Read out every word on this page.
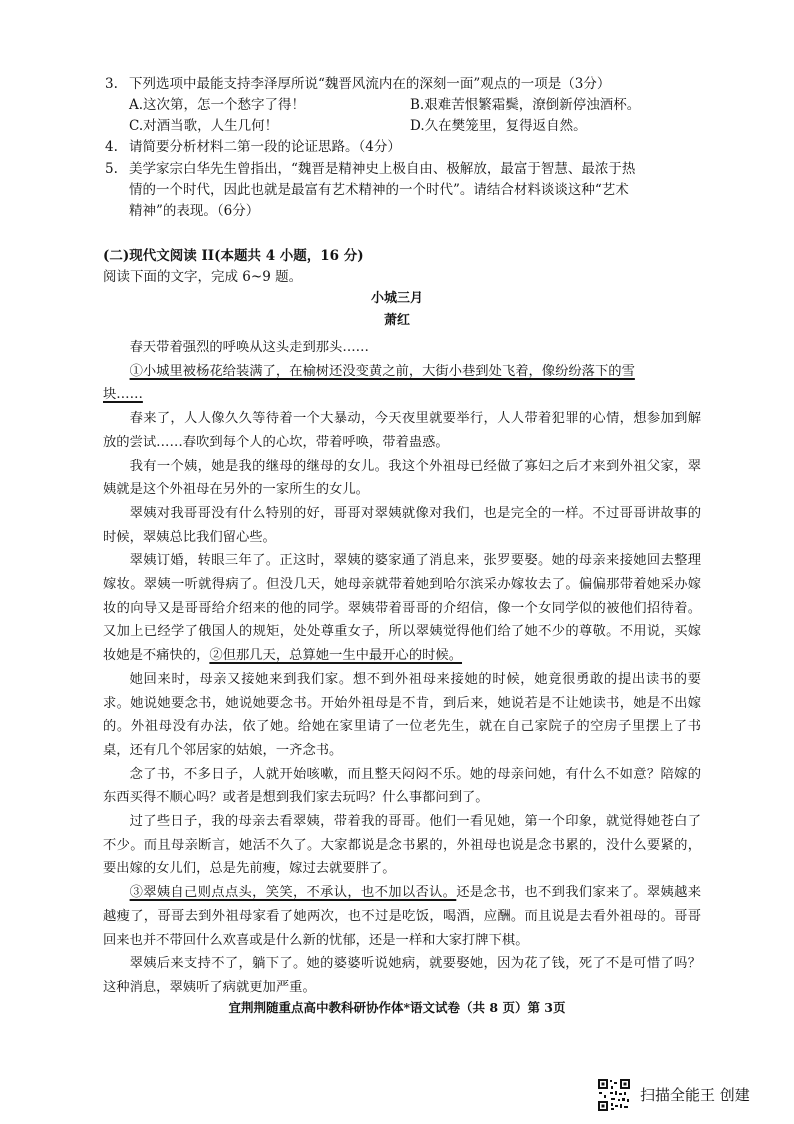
3. 下列选项中最能支持李泽厚所说“魏晋风流内在的深刻一面”观点的一项是（3分）
A.这次第，怎一个愁字了得！	B.艰难苦恨繁霜鬓，潦倒新停浊酒杯。
C.对酒当歌，人生几何！	D.久在樊笼里，复得返自然。
4. 请简要分析材料二第一段的论证思路。（4分）
5. 美学家宗白华先生曾指出，“魏晋是精神史上极自由、极解放，最富于智慧、最浓于热
情的一个时代，因此也就是最富有艺术精神的一个时代”。请结合材料谈谈这种“艺术
精神”的表现。（6分）
(二)现代文阅读 II(本题共 4 小题，16 分)
阅读下面的文字，完成 6~9 题。
小城三月
萧红

春天带着强烈的呼唤从这头走到那头……

①小城里被杨花给装满了，在榆树还没变黄之前，大街小巷到处飞着，像纷纷落下的雪

块……

春来了，人人像久久等待着一个大暴动，今天夜里就要举行，人人带着犯罪的心情，想参加到解放的尝试……春吹到每个人的心坎，带着呼唤，带着蛊惑。

我有一个姨，她是我的继母的继母的女儿。我这个外祖母已经做了寡妇之后才来到外祖父家，翠姨就是这个外祖母在另外的一家所生的女儿。

翠姨对我哥哥没有什么特别的好，哥哥对翠姨就像对我们，也是完全的一样。不过哥哥讲故事的时候，翠姨总比我们留心些。

翠姨订婚，转眼三年了。正这时，翠姨的婆家通了消息来，张罗要娶。她的母亲来接她回去整理嫁妆。翠姨一听就得病了。但没几天，她母亲就带着她到哈尔滨采办嫁妆去了。偏偏那带着她采办嫁妆的向导又是哥哥给介绍来的他的同学。翠姨带着哥哥的介绍信，像一个女同学似的被他们招待着。又加上已经学了俄国人的规矩，处处尊重女子，所以翠姨觉得他们给了她不少的尊敬。不用说，买嫁妆她是不痛快的，②但那几天，总算她一生中最开心的时候。

她回来时，母亲又接她来到我们家。想不到外祖母来接她的时候，她竟很勇敢的提出读书的要求。她说她要念书，她说她要念书。开始外祖母是不肯，到后来，她说若是不让她读书，她是不出嫁的。外祖母没有办法，依了她。给她在家里请了一位老先生，就在自己家院子的空房子里摆上了书桌，还有几个邻居家的姑娘，一齐念书。

念了书，不多日子，人就开始咳嗽，而且整天闷闷不乐。她的母亲问她，有什么不如意？陪嫁的东西买得不顺心吗？或者是想到我们家去玩吗？什么事都问到了。

过了些日子，我的母亲去看翠姨，带着我的哥哥。他们一看见她，第一个印象，就觉得她苍白了不少。而且母亲断言，她活不久了。大家都说是念书累的，外祖母也说是念书累的，没什么要紧的，要出嫁的女儿们，总是先前瘦，嫁过去就要胖了。

③翠姨自己则点点头，笑笑，不承认，也不加以否认。还是念书，也不到我们家来了。翠姨越来越瘦了，哥哥去到外祖母家看了她两次，也不过是吃饭，喝酒，应酬。而且说是去看外祖母的。哥哥回来也并不带回什么欢喜或是什么新的忧郁，还是一样和大家打牌下棋。

翠姨后来支持不了，躺下了。她的婆婆听说她病，就要娶她，因为花了钱，死了不是可惜了吗？这种消息，翠姨听了病就更加严重。

宜荆荆随重点高中教科研协作体*语文试卷（共 8 页）第 3页
扫描全能王 创建
